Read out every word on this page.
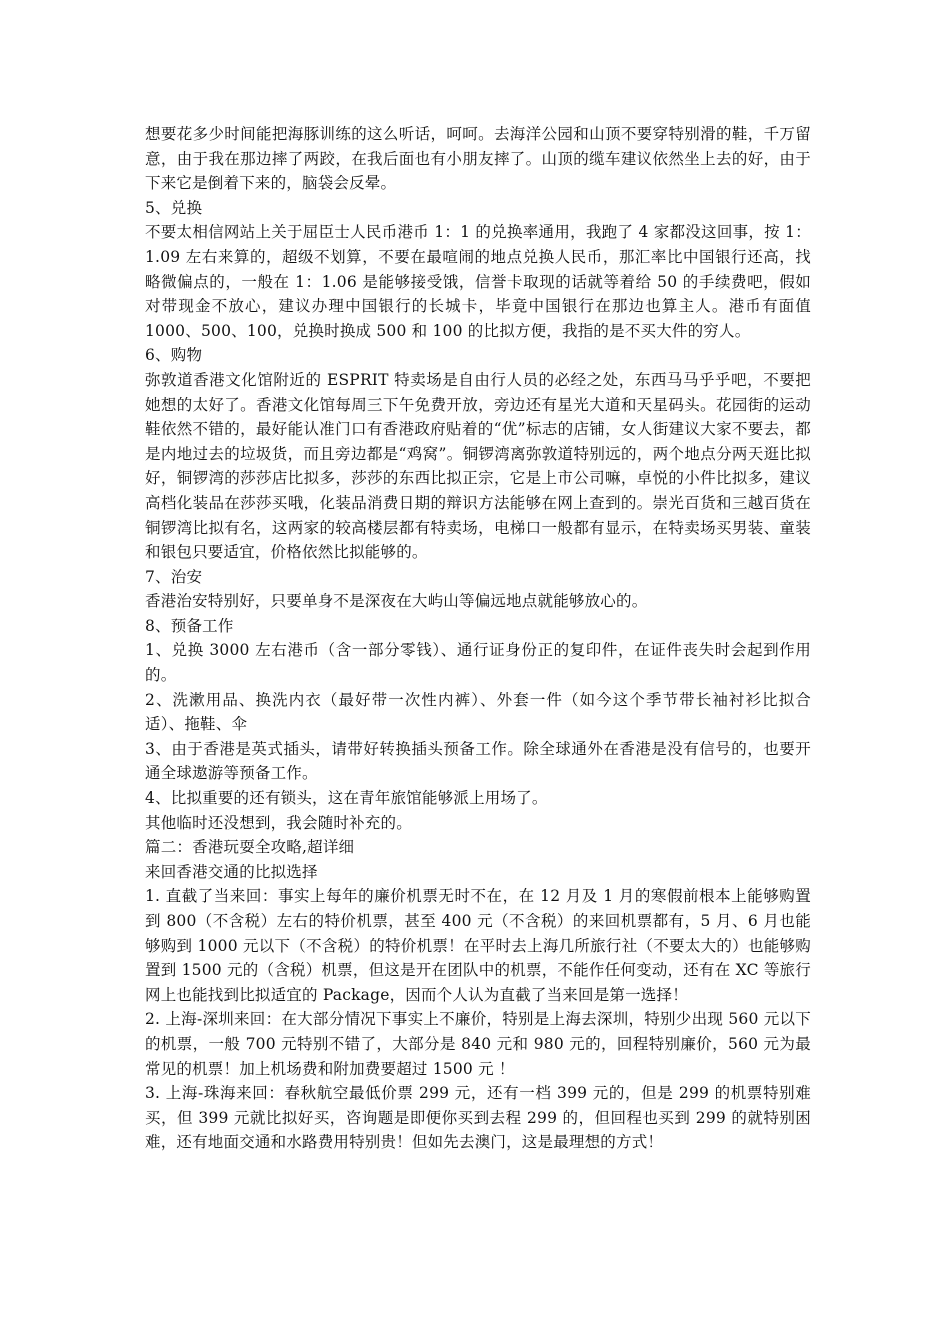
想要花多少时间能把海豚训练的这么听话，呵呵。去海洋公园和山顶不要穿特别滑的鞋，千万留意，由于我在那边摔了两跤，在我后面也有小朋友摔了。山顶的缆车建议依然坐上去的好，由于下来它是倒着下来的，脑袋会反晕。

5、兑换

不要太相信网站上关于屈臣士人民币港币 1：1 的兑换率通用，我跑了 4 家都没这回事，按 1：1.09 左右来算的，超级不划算，不要在最喧闹的地点兑换人民币，那汇率比中国银行还高，找略微偏点的，一般在 1：1.06 是能够接受饿，信誉卡取现的话就等着给 50 的手续费吧，假如对带现金不放心，建议办理中国银行的长城卡，毕竟中国银行在那边也算主人。港币有面值 1000、500、100，兑换时换成 500 和 100 的比拟方便，我指的是不买大件的穷人。

6、购物

弥敦道香港文化馆附近的 ESPRIT 特卖场是自由行人员的必经之处，东西马马乎乎吧，不要把她想的太好了。香港文化馆每周三下午免费开放，旁边还有星光大道和天星码头。花园街的运动鞋依然不错的，最好能认准门口有香港政府贴着的“优”标志的店铺，女人街建议大家不要去，都是内地过去的垃圾货，而且旁边都是“鸡窝”。铜锣湾离弥敦道特别远的，两个地点分两天逛比拟好，铜锣湾的莎莎店比拟多，莎莎的东西比拟正宗，它是上市公司嘛，卓悦的小件比拟多，建议高档化装品在莎莎买哦，化装品消费日期的辩识方法能够在网上查到的。崇光百货和三越百货在铜锣湾比拟有名，这两家的较高楼层都有特卖场，电梯口一般都有显示，在特卖场买男装、童装和银包只要适宜，价格依然比拟能够的。

7、治安

香港治安特别好，只要单身不是深夜在大屿山等偏远地点就能够放心的。

8、预备工作

1、兑换 3000 左右港币（含一部分零钱）、通行证身份正的复印件，在证件丧失时会起到作用的。

2、洗漱用品、换洗内衣（最好带一次性内裤）、外套一件（如今这个季节带长袖衬衫比拟合适）、拖鞋、伞

3、由于香港是英式插头，请带好转换插头预备工作。除全球通外在香港是没有信号的，也要开通全球遨游等预备工作。

4、比拟重要的还有锁头，这在青年旅馆能够派上用场了。

其他临时还没想到，我会随时补充的。

篇二：香港玩耍全攻略,超详细

来回香港交通的比拟选择

1. 直截了当来回：事实上每年的廉价机票无时不在，在 12 月及 1 月的寒假前根本上能够购置到 800（不含税）左右的特价机票，甚至 400 元（不含税）的来回机票都有，5 月、6 月也能够购到 1000 元以下（不含税）的特价机票！在平时去上海几所旅行社（不要太大的）也能够购置到 1500 元的（含税）机票，但这是开在团队中的机票，不能作任何变动，还有在 XC 等旅行网上也能找到比拟适宜的 Package，因而个人认为直截了当来回是第一选择！

2. 上海-深圳来回：在大部分情况下事实上不廉价，特别是上海去深圳，特别少出现 560 元以下的机票，一般 700 元特别不错了，大部分是 840 元和 980 元的，回程特别廉价，560 元为最常见的机票！加上机场费和附加费要超过 1500 元 ！

3. 上海-珠海来回：春秋航空最低价票 299 元，还有一档 399 元的，但是 299 的机票特别难买，但 399 元就比拟好买，咨询题是即便你买到去程 299 的，但回程也买到 299 的就特别困难，还有地面交通和水路费用特别贵！但如先去澳门，这是最理想的方式！
